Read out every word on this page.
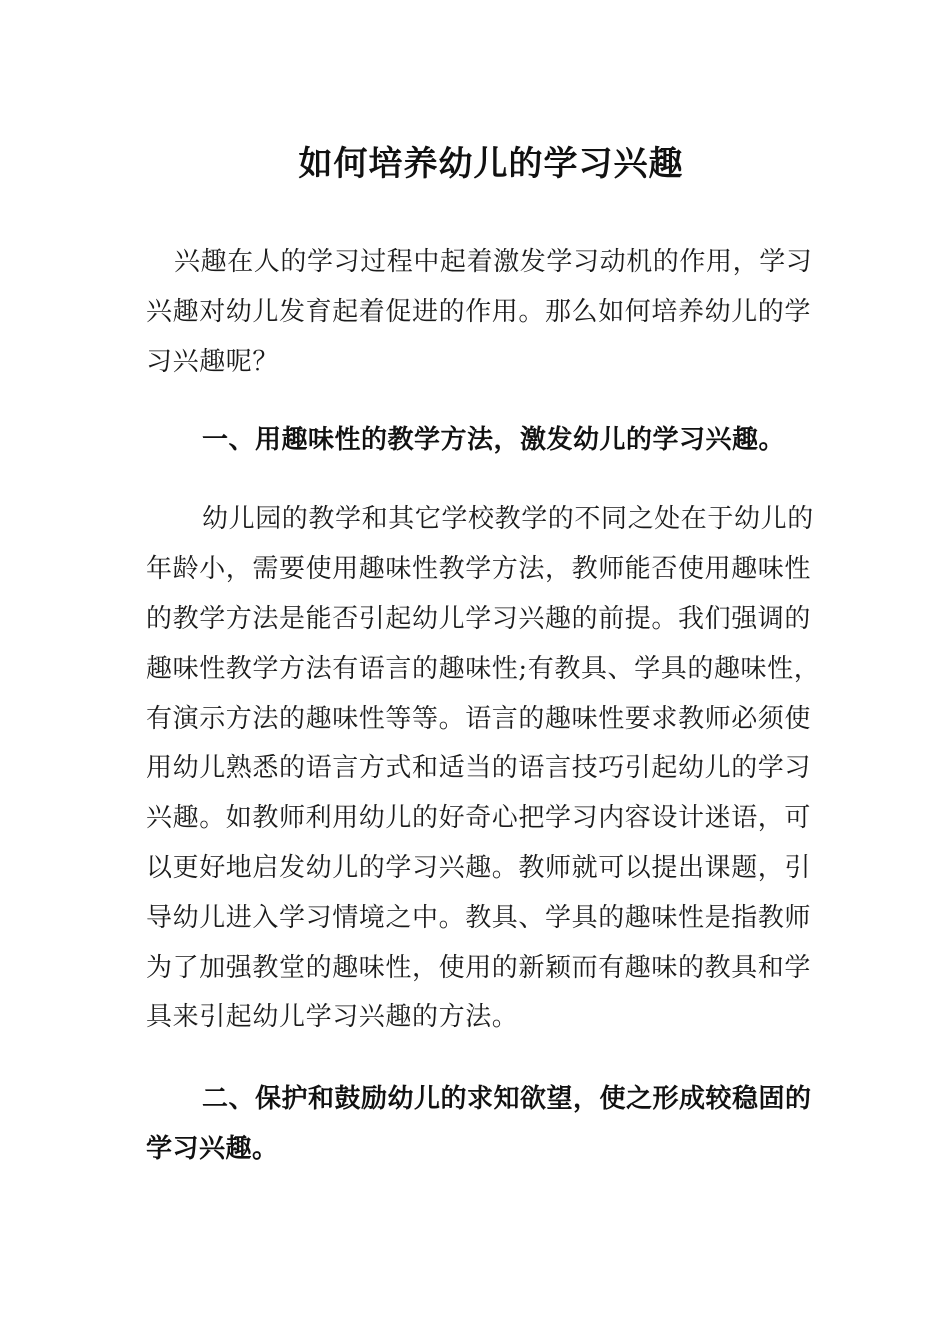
如何培养幼儿的学习兴趣

兴趣在人的学习过程中起着激发学习动机的作用，学习兴趣对幼儿发育起着促进的作用。那么如何培养幼儿的学习兴趣呢？

一、用趣味性的教学方法，激发幼儿的学习兴趣。

幼儿园的教学和其它学校教学的不同之处在于幼儿的年龄小，需要使用趣味性教学方法，教师能否使用趣味性的教学方法是能否引起幼儿学习兴趣的前提。我们强调的趣味性教学方法有语言的趣味性;有教具、学具的趣味性，有演示方法的趣味性等等。语言的趣味性要求教师必须使用幼儿熟悉的语言方式和适当的语言技巧引起幼儿的学习兴趣。如教师利用幼儿的好奇心把学习内容设计迷语，可以更好地启发幼儿的学习兴趣。教师就可以提出课题，引导幼儿进入学习情境之中。教具、学具的趣味性是指教师为了加强教堂的趣味性，使用的新颖而有趣味的教具和学具来引起幼儿学习兴趣的方法。

二、保护和鼓励幼儿的求知欲望，使之形成较稳固的学习兴趣。
